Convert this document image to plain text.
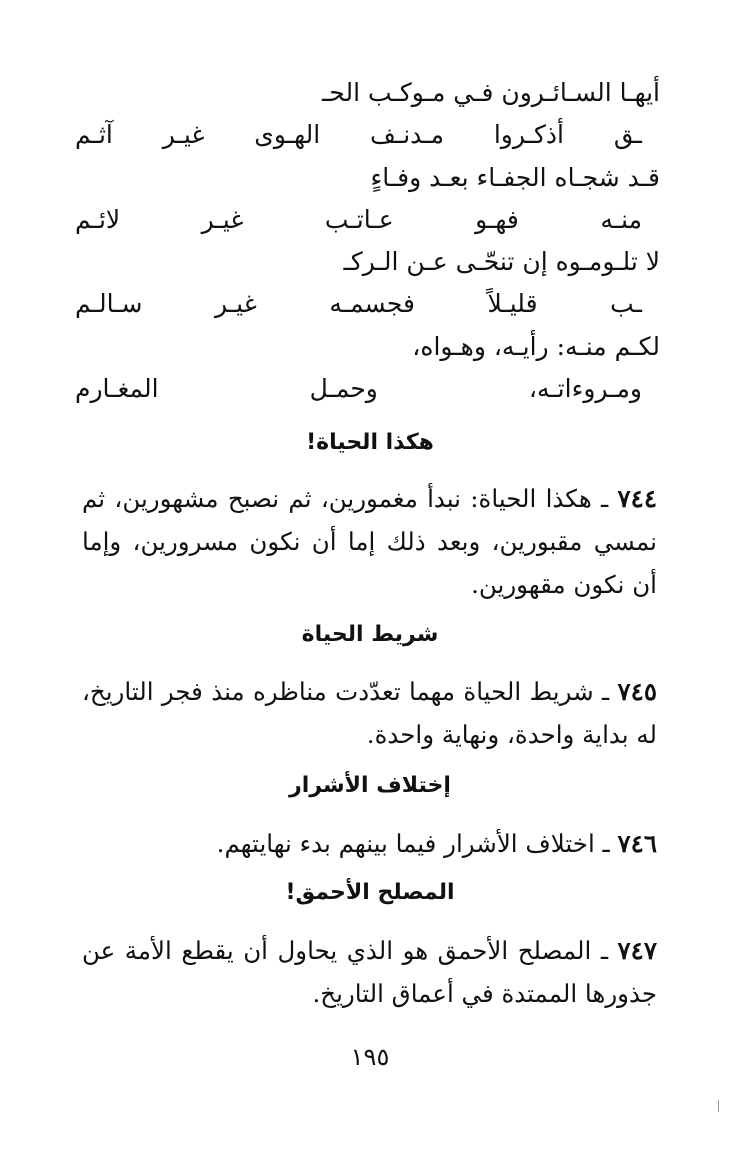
أيهـا السـائـرون فـي مـوكـب الحـ
ـق أذكـروا مـدنـف الهـوى غيـر آثـم
قـد شجـاه الجفـاء بعـد وفـاءٍ
منـه فهـو عـاتـب غيـر لائـم
لا تلـومـوه إن تنحّـى عـن الـركـ
ـب قليـلاً فجسمـه غيـر سـالـم
لكـم منـه: رأيـه، وهـواه،
ومـروءاتـه، وحمـل المغـارم
هكذا الحياة!
٧٤٤ ـ هكذا الحياة: نبدأ مغمورين، ثم نصبح مشهورين، ثم نمسي مقبورين، وبعد ذلك إما أن نكون مسرورين، وإما أن نكون مقهورين.
شريط الحياة
٧٤٥ ـ شريط الحياة مهما تعدّدت مناظره منذ فجر التاريخ، له بداية واحدة، ونهاية واحدة.
إختلاف الأشرار
٧٤٦ ـ اختلاف الأشرار فيما بينهم بدء نهايتهم.
المصلح الأحمق!
٧٤٧ ـ المصلح الأحمق هو الذي يحاول أن يقطع الأمة عن جذورها الممتدة في أعماق التاريخ.
١٩٥
